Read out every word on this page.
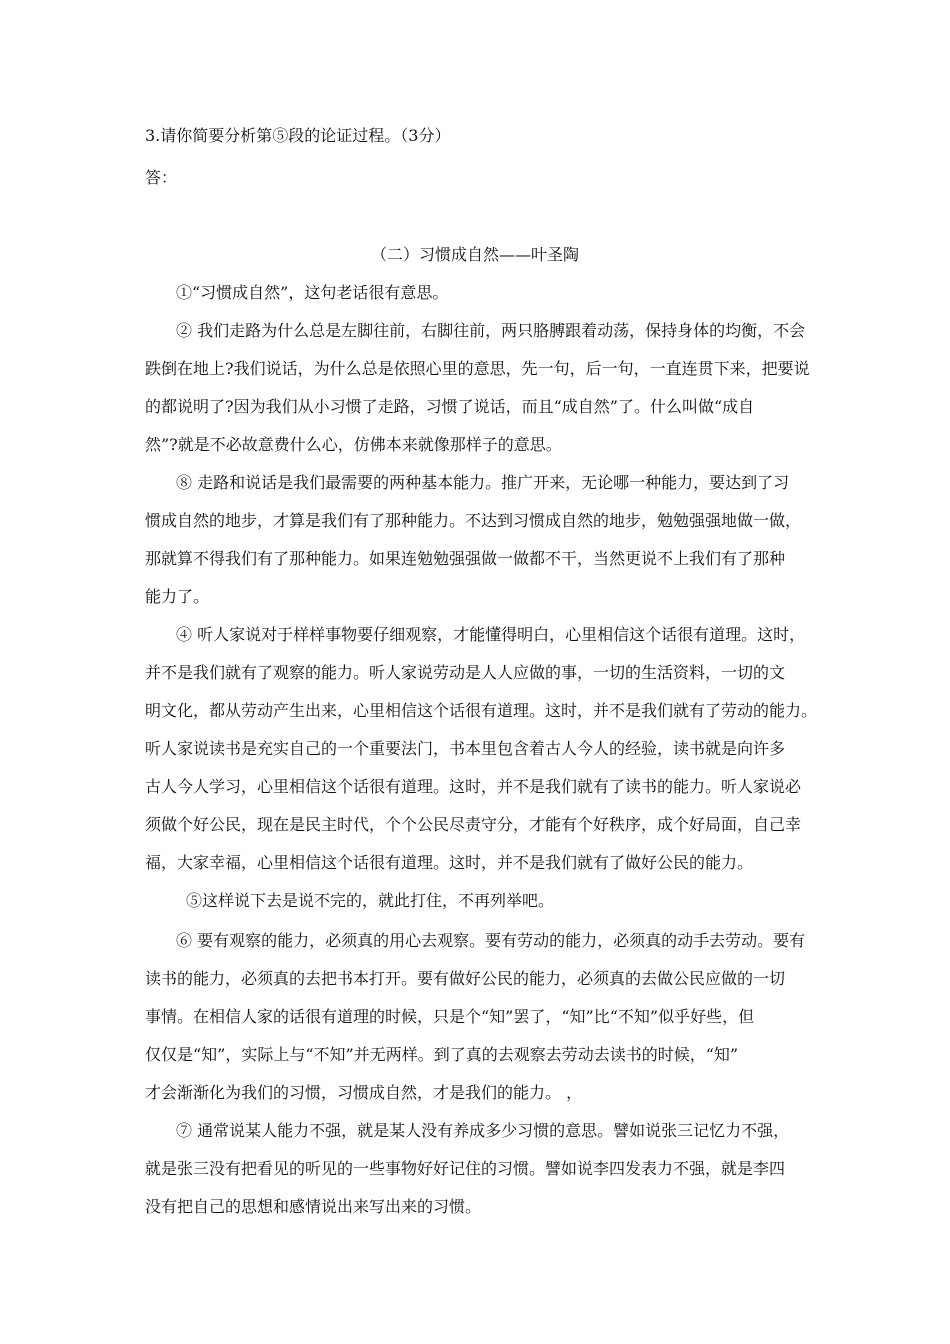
3.请你简要分析第⑤段的论证过程。（3分）
答：
（二）习惯成自然——叶圣陶
①“习惯成自然”，这句老话很有意思。
② 我们走路为什么总是左脚往前，右脚往前，两只胳膊跟着动荡，保持身体的均衡，不会
跌倒在地上?我们说话，为什么总是依照心里的意思，先一句，后一句，一直连贯下来，把要说
的都说明了?因为我们从小习惯了走路，习惯了说话，而且“成自然”了。什么叫做“成自
然”?就是不必故意费什么心，仿佛本来就像那样子的意思。
⑧ 走路和说话是我们最需要的两种基本能力。推广开来，无论哪一种能力，要达到了习
惯成自然的地步，才算是我们有了那种能力。不达到习惯成自然的地步，勉勉强强地做一做，
那就算不得我们有了那种能力。如果连勉勉强强做一做都不干，当然更说不上我们有了那种
能力了。
④ 听人家说对于样样事物要仔细观察，才能懂得明白，心里相信这个话很有道理。这时，
并不是我们就有了观察的能力。听人家说劳动是人人应做的事，一切的生活资料，一切的文
明文化，都从劳动产生出来，心里相信这个话很有道理。这时，并不是我们就有了劳动的能力。
听人家说读书是充实自己的一个重要法门，书本里包含着古人今人的经验，读书就是向许多
古人今人学习，心里相信这个话很有道理。这时，并不是我们就有了读书的能力。听人家说必
须做个好公民，现在是民主时代，个个公民尽责守分，才能有个好秩序，成个好局面，自己幸
福，大家幸福，心里相信这个话很有道理。这时，并不是我们就有了做好公民的能力。
⑤这样说下去是说不完的，就此打住，不再列举吧。
⑥ 要有观察的能力，必须真的用心去观察。要有劳动的能力，必须真的动手去劳动。要有
读书的能力，必须真的去把书本打开。要有做好公民的能力，必须真的去做公民应做的一切
事情。在相信人家的话很有道理的时候，只是个“知”罢了，“知”比“不知”似乎好些，但
仅仅是“知”，实际上与“不知”并无两样。到了真的去观察去劳动去读书的时候，“知”
才会渐渐化为我们的习惯，习惯成自然，才是我们的能力。 ，
⑦ 通常说某人能力不强，就是某人没有养成多少习惯的意思。譬如说张三记忆力不强，
就是张三没有把看见的听见的一些事物好好记住的习惯。譬如说李四发表力不强，就是李四
没有把自己的思想和感情说出来写出来的习惯。
